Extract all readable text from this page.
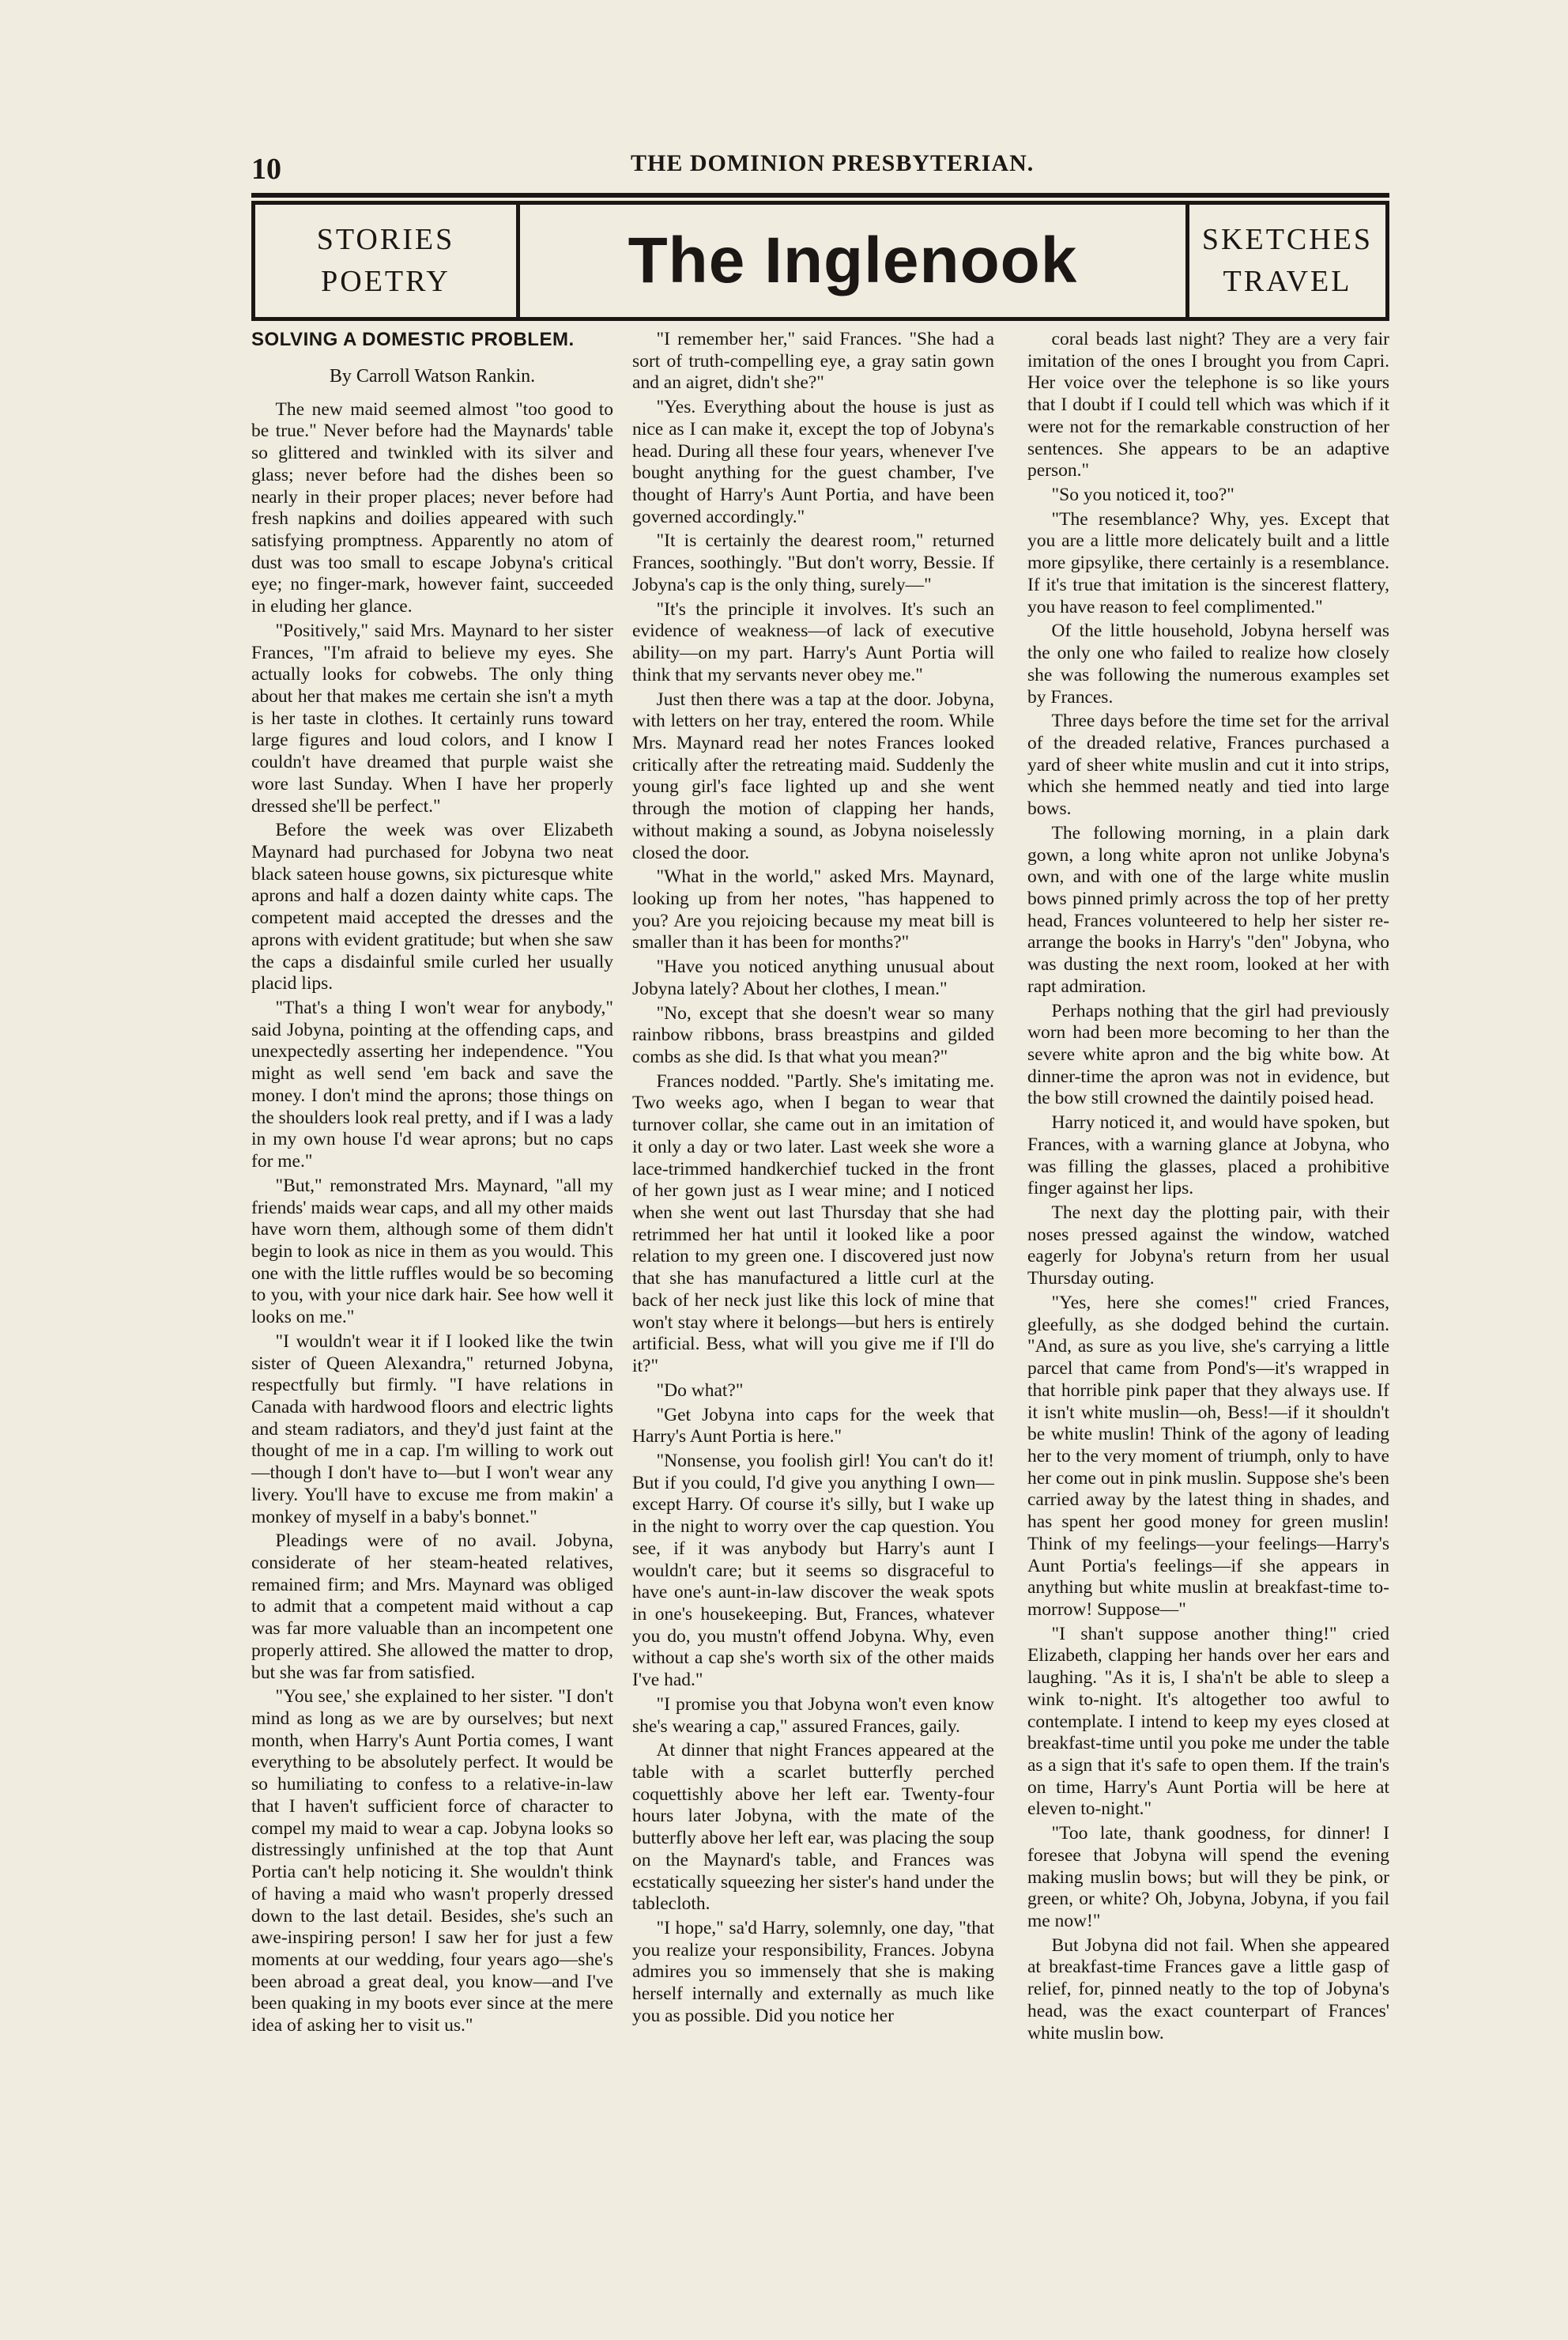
10	THE DOMINION PRESBYTERIAN.
STORIES
POETRY	The Inglenook	SKETCHES
TRAVEL
SOLVING A DOMESTIC PROBLEM.
By Carroll Watson Rankin.

The new maid seemed almost "too good to be true." Never before had the Maynards' table so glittered and twinkled with its silver and glass; never before had the dishes been so nearly in their proper places; never before had fresh napkins and doilies appeared with such satisfying promptness. Apparently no atom of dust was too small to escape Jobyna's critical eye; no finger-mark, however faint, succeeded in eluding her glance.

"Positively," said Mrs. Maynard to her sister Frances, "I'm afraid to believe my eyes. She actually looks for cobwebs. The only thing about her that makes me certain she isn't a myth is her taste in clothes. It certainly runs toward large figures and loud colors, and I know I couldn't have dreamed that purple waist she wore last Sunday. When I have her properly dressed she'll be perfect."

Before the week was over Elizabeth Maynard had purchased for Jobyna two neat black sateen house gowns, six picturesque white aprons and half a dozen dainty white caps. The competent maid accepted the dresses and the aprons with evident gratitude; but when she saw the caps a disdainful smile curled her usually placid lips.

"That's a thing I won't wear for anybody," said Jobyna, pointing at the offending caps, and unexpectedly asserting her independence. "You might as well send 'em back and save the money. I don't mind the aprons; those things on the shoulders look real pretty, and if I was a lady in my own house I'd wear aprons; but no caps for me."

"But," remonstrated Mrs. Maynard, "all my friends' maids wear caps, and all my other maids have worn them, although some of them didn't begin to look as nice in them as you would. This one with the little ruffles would be so becoming to you, with your nice dark hair. See how well it looks on me."

"I wouldn't wear it if I looked like the twin sister of Queen Alexandra," returned Jobyna, respectfully but firmly. "I have relations in Canada with hardwood floors and electric lights and steam radiators, and they'd just faint at the thought of me in a cap. I'm willing to work out—though I don't have to—but I won't wear any livery. You'll have to excuse me from makin' a monkey of myself in a baby's bonnet."

Pleadings were of no avail. Jobyna, considerate of her steam-heated relatives, remained firm; and Mrs. Maynard was obliged to admit that a competent maid without a cap was far more valuable than an incompetent one properly attired. She allowed the matter to drop, but she was far from satisfied.

"You see,' she explained to her sister. "I don't mind as long as we are by ourselves; but next month, when Harry's Aunt Portia comes, I want everything to be absolutely perfect. It would be so humiliating to confess to a relative-in-law that I haven't sufficient force of character to compel my maid to wear a cap. Jobyna looks so distressingly unfinished at the top that Aunt Portia can't help noticing it. She wouldn't think of having a maid who wasn't properly dressed down to the last detail. Besides, she's such an awe-inspiring person! I saw her for just a few moments at our wedding, four years ago—she's been abroad a great deal, you know—and I've been quaking in my boots ever since at the mere idea of asking her to visit us."

"I remember her," said Frances. "She had a sort of truth-compelling eye, a gray satin gown and an aigret, didn't she?"

"Yes. Everything about the house is just as nice as I can make it, except the top of Jobyna's head. During all these four years, whenever I've bought anything for the guest chamber, I've thought of Harry's Aunt Portia, and have been governed accordingly."

"It is certainly the dearest room," returned Frances, soothingly. "But don't worry, Bessie. If Jobyna's cap is the only thing, surely—"

"It's the principle it involves. It's such an evidence of weakness—of lack of executive ability—on my part. Harry's Aunt Portia will think that my servants never obey me."

Just then there was a tap at the door. Jobyna, with letters on her tray, entered the room. While Mrs. Maynard read her notes Frances looked critically after the retreating maid. Suddenly the young girl's face lighted up and she went through the motion of clapping her hands, without making a sound, as Jobyna noiselessly closed the door.

"What in the world," asked Mrs. Maynard, looking up from her notes, "has happened to you? Are you rejoicing because my meat bill is smaller than it has been for months?"

"Have you noticed anything unusual about Jobyna lately? About her clothes, I mean."

"No, except that she doesn't wear so many rainbow ribbons, brass breastpins and gilded combs as she did. Is that what you mean?"

Frances nodded. "Partly. She's imitating me. Two weeks ago, when I began to wear that turnover collar, she came out in an imitation of it only a day or two later. Last week she wore a lace-trimmed handkerchief tucked in the front of her gown just as I wear mine; and I noticed when she went out last Thursday that she had retrimmed her hat until it looked like a poor relation to my green one. I discovered just now that she has manufactured a little curl at the back of her neck just like this lock of mine that won't stay where it belongs—but hers is entirely artificial. Bess, what will you give me if I'll do it?"

"Do what?"

"Get Jobyna into caps for the week that Harry's Aunt Portia is here."

"Nonsense, you foolish girl! You can't do it! But if you could, I'd give you anything I own—except Harry. Of course it's silly, but I wake up in the night to worry over the cap question. You see, if it was anybody but Harry's aunt I wouldn't care; but it seems so disgraceful to have one's aunt-in-law discover the weak spots in one's housekeeping. But, Frances, whatever you do, you mustn't offend Jobyna. Why, even without a cap she's worth six of the other maids I've had."

"I promise you that Jobyna won't even know she's wearing a cap," assured Frances, gaily.

At dinner that night Frances appeared at the table with a scarlet butterfly perched coquettishly above her left ear. Twenty-four hours later Jobyna, with the mate of the butterfly above her left ear, was placing the soup on the Maynard's table, and Frances was ecstatically squeezing her sister's hand under the tablecloth.

"I hope," sa'd Harry, solemnly, one day, "that you realize your responsibility, Frances. Jobyna admires you so immensely that she is making herself internally and externally as much like you as possible. Did you notice her

coral beads last night? They are a very fair imitation of the ones I brought you from Capri. Her voice over the telephone is so like yours that I doubt if I could tell which was which if it were not for the remarkable construction of her sentences. She appears to be an adaptive person."

"So you noticed it, too?"

"The resemblance? Why, yes. Except that you are a little more delicately built and a little more gipsylike, there certainly is a resemblance. If it's true that imitation is the sincerest flattery, you have reason to feel complimented."

Of the little household, Jobyna herself was the only one who failed to realize how closely she was following the numerous examples set by Frances.

Three days before the time set for the arrival of the dreaded relative, Frances purchased a yard of sheer white muslin and cut it into strips, which she hemmed neatly and tied into large bows.

The following morning, in a plain dark gown, a long white apron not unlike Jobyna's own, and with one of the large white muslin bows pinned primly across the top of her pretty head, Frances volunteered to help her sister re-arrange the books in Harry's "den" Jobyna, who was dusting the next room, looked at her with rapt admiration.

Perhaps nothing that the girl had previously worn had been more becoming to her than the severe white apron and the big white bow. At dinner-time the apron was not in evidence, but the bow still crowned the daintily poised head.

Harry noticed it, and would have spoken, but Frances, with a warning glance at Jobyna, who was filling the glasses, placed a prohibitive finger against her lips.

The next day the plotting pair, with their noses pressed against the window, watched eagerly for Jobyna's return from her usual Thursday outing.

"Yes, here she comes!" cried Frances, gleefully, as she dodged behind the curtain. "And, as sure as you live, she's carrying a little parcel that came from Pond's—it's wrapped in that horrible pink paper that they always use. If it isn't white muslin—oh, Bess!—if it shouldn't be white muslin! Think of the agony of leading her to the very moment of triumph, only to have her come out in pink muslin. Suppose she's been carried away by the latest thing in shades, and has spent her good money for green muslin! Think of my feelings—your feelings—Harry's Aunt Portia's feelings—if she appears in anything but white muslin at breakfast-time to-morrow! Suppose—"

"I shan't suppose another thing!" cried Elizabeth, clapping her hands over her ears and laughing. "As it is, I sha'n't be able to sleep a wink to-night. It's altogether too awful to contemplate. I intend to keep my eyes closed at breakfast-time until you poke me under the table as a sign that it's safe to open them. If the train's on time, Harry's Aunt Portia will be here at eleven to-night."

"Too late, thank goodness, for dinner! I foresee that Jobyna will spend the evening making muslin bows; but will they be pink, or green, or white? Oh, Jobyna, Jobyna, if you fail me now!"

But Jobyna did not fail. When she appeared at breakfast-time Frances gave a little gasp of relief, for, pinned neatly to the top of Jobyna's head, was the exact counterpart of Frances' white muslin bow.
